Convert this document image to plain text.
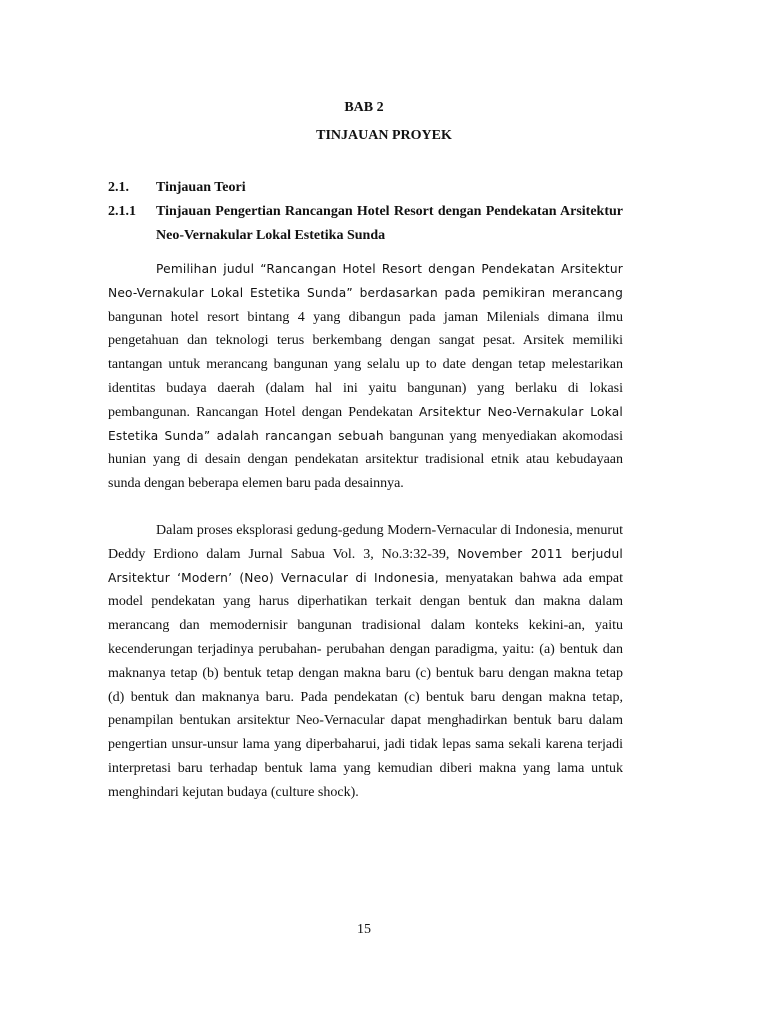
BAB 2
TINJAUAN PROYEK
2.1. Tinjauan Teori
2.1.1 Tinjauan Pengertian Rancangan Hotel Resort dengan Pendekatan Arsitektur Neo-Vernakular Lokal Estetika Sunda
Pemilihan judul “Rancangan Hotel Resort dengan Pendekatan Arsitektur Neo-Vernakular Lokal Estetika Sunda” berdasarkan pada pemikiran merancang bangunan hotel resort bintang 4 yang dibangun pada jaman Milenials dimana ilmu pengetahuan dan teknologi terus berkembang dengan sangat pesat. Arsitek memiliki tantangan untuk merancang bangunan yang selalu up to date dengan tetap melestarikan identitas budaya daerah (dalam hal ini yaitu bangunan) yang berlaku di lokasi pembangunan. Rancangan Hotel dengan Pendekatan Arsitektur Neo-Vernakular Lokal Estetika Sunda” adalah rancangan sebuah bangunan yang menyediakan akomodasi hunian yang di desain dengan pendekatan arsitektur tradisional etnik atau kebudayaan sunda dengan beberapa elemen baru pada desainnya.
Dalam proses eksplorasi gedung-gedung Modern-Vernacular di Indonesia, menurut Deddy Erdiono dalam Jurnal Sabua Vol. 3, No.3:32-39, November 2011 berjudul Arsitektur ‘Modern’ (Neo) Vernacular di Indonesia, menyatakan bahwa ada empat model pendekatan yang harus diperhatikan terkait dengan bentuk dan makna dalam merancang dan memodernisir bangunan tradisional dalam konteks kekini-an, yaitu kecenderungan terjadinya perubahan- perubahan dengan paradigma, yaitu: (a) bentuk dan maknanya tetap (b) bentuk tetap dengan makna baru (c) bentuk baru dengan makna tetap (d) bentuk dan maknanya baru. Pada pendekatan (c) bentuk baru dengan makna tetap, penampilan bentukan arsitektur Neo-Vernacular dapat menghadirkan bentuk baru dalam pengertian unsur-unsur lama yang diperbaharui, jadi tidak lepas sama sekali karena terjadi interpretasi baru terhadap bentuk lama yang kemudian diberi makna yang lama untuk menghindari kejutan budaya (culture shock).
15
